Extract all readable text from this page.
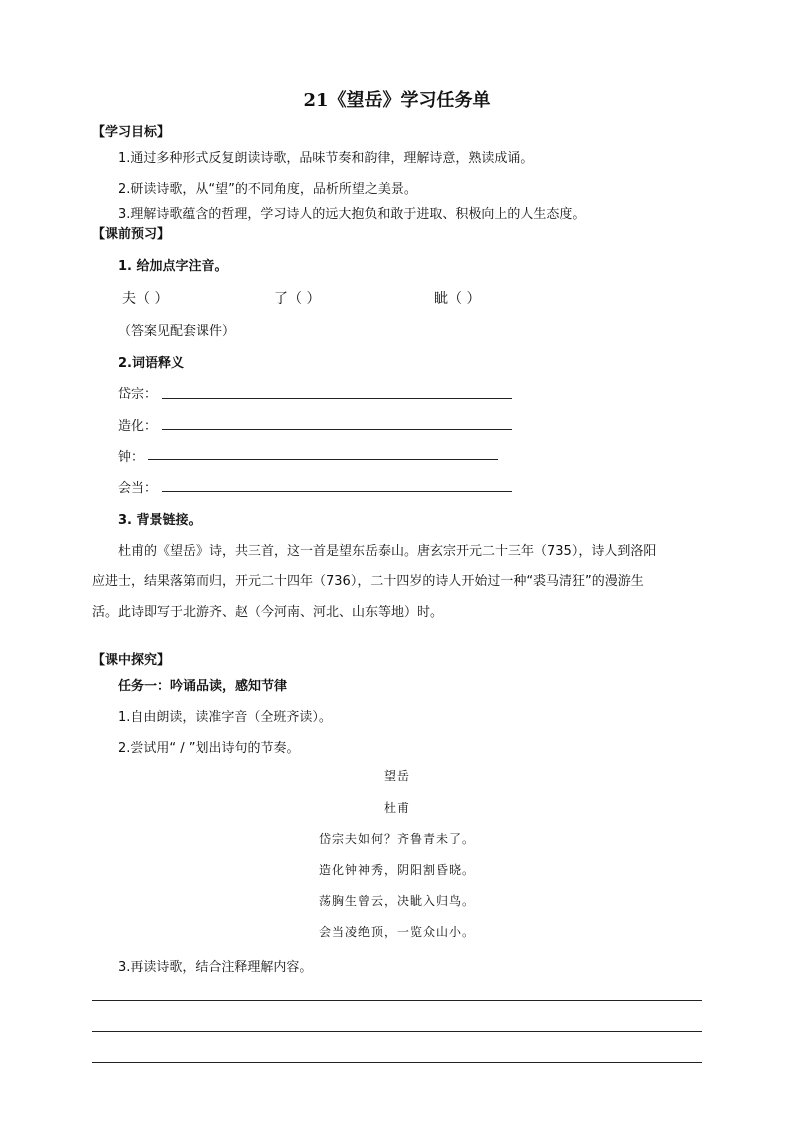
21《望岳》学习任务单
【学习目标】
1.通过多种形式反复朗读诗歌，品味节奏和韵律，理解诗意，熟读成诵。
2.研读诗歌，从“望”的不同角度，品析所望之美景。
3.理解诗歌蕴含的哲理，学习诗人的远大抱负和敢于进取、积极向上的人生态度。
【课前预习】
1. 给加点字注音。
夫（ ）	了（ ）	眦（ ）
（答案见配套课件）
2.词语释义
岱宗：
造化：
钟：
会当：
3. 背景链接。
杜甫的《望岳》诗，共三首，这一首是望东岳泰山。唐玄宗开元二十三年（735），诗人到洛阳
应进士，结果落第而归，开元二十四年（736），二十四岁的诗人开始过一种“裘马清狂”的漫游生
活。此诗即写于北游齐、赵（今河南、河北、山东等地）时。
【课中探究】
任务一：吟诵品读，感知节律
1.自由朗读，读准字音（全班齐读）。
2.尝试用“ / ”划出诗句的节奏。
望岳
杜甫
岱宗夫如何？齐鲁青未了。
造化钟神秀，阴阳割昏晓。
荡胸生曾云，决眦入归鸟。
会当凌绝顶，一览众山小。
3.再读诗歌，结合注释理解内容。
